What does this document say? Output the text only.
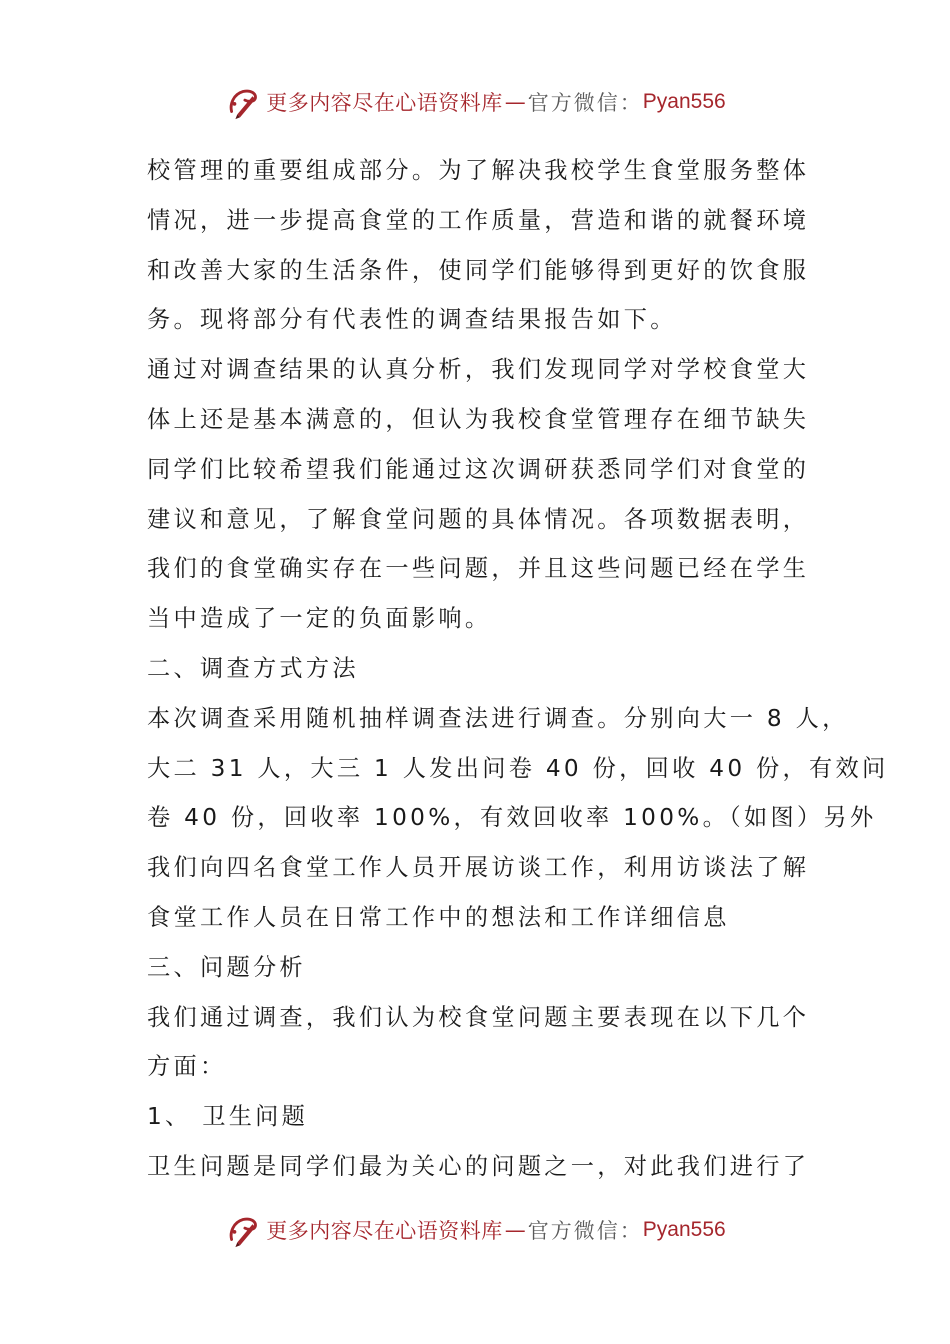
更多内容尽在心语资料库 — 官方微信： Pyan556
校管理的重要组成部分。为了解决我校学生食堂服务整体
情况，进一步提高食堂的工作质量，营造和谐的就餐环境
和改善大家的生活条件，使同学们能够得到更好的饮食服
务。现将部分有代表性的调查结果报告如下。
通过对调查结果的认真分析，我们发现同学对学校食堂大
体上还是基本满意的，但认为我校食堂管理存在细节缺失
同学们比较希望我们能通过这次调研获悉同学们对食堂的
建议和意见，了解食堂问题的具体情况。各项数据表明，
我们的食堂确实存在一些问题，并且这些问题已经在学生
当中造成了一定的负面影响。
二、调查方式方法
本次调查采用随机抽样调查法进行调查。分别向大一 8 人，
大二 31 人，大三 1 人发出问卷 40 份，回收 40 份，有效问
卷 40 份，回收率 100%，有效回收率 100%。（如图）另外
我们向四名食堂工作人员开展访谈工作，利用访谈法了解
食堂工作人员在日常工作中的想法和工作详细信息
三、问题分析
我们通过调查，我们认为校食堂问题主要表现在以下几个
方面：
1、 卫生问题
卫生问题是同学们最为关心的问题之一，对此我们进行了
更多内容尽在心语资料库 — 官方微信： Pyan556
